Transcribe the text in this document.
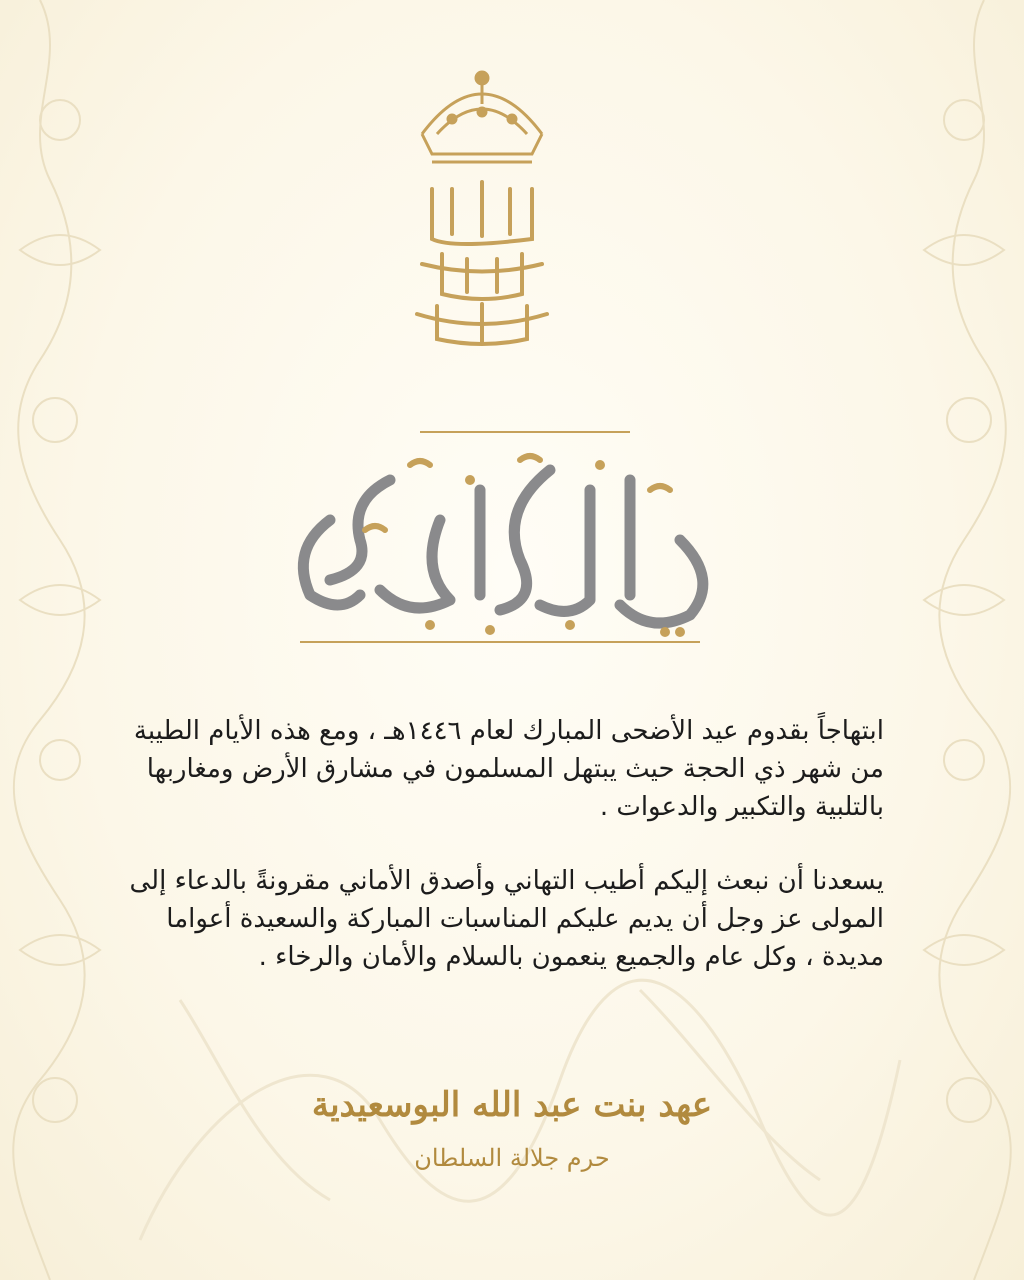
ابتهاجاً بقدوم عيد الأضحى المبارك لعام ١٤٤٦هـ ، ومع هذه الأيام الطيبة من شهر ذي الحجة حيث يبتهل المسلمون في مشارق الأرض ومغاربها بالتلبية والتكبير والدعوات .

يسعدنا أن نبعث إليكم أطيب التهاني وأصدق الأماني مقرونةً بالدعاء إلى المولى عز وجل أن يديم عليكم المناسبات المباركة والسعيدة أعواما مديدة ، وكل عام والجميع ينعمون بالسلام والأمان والرخاء .

عهد بنت عبد الله البوسعيدية
حرم جلالة السلطان
